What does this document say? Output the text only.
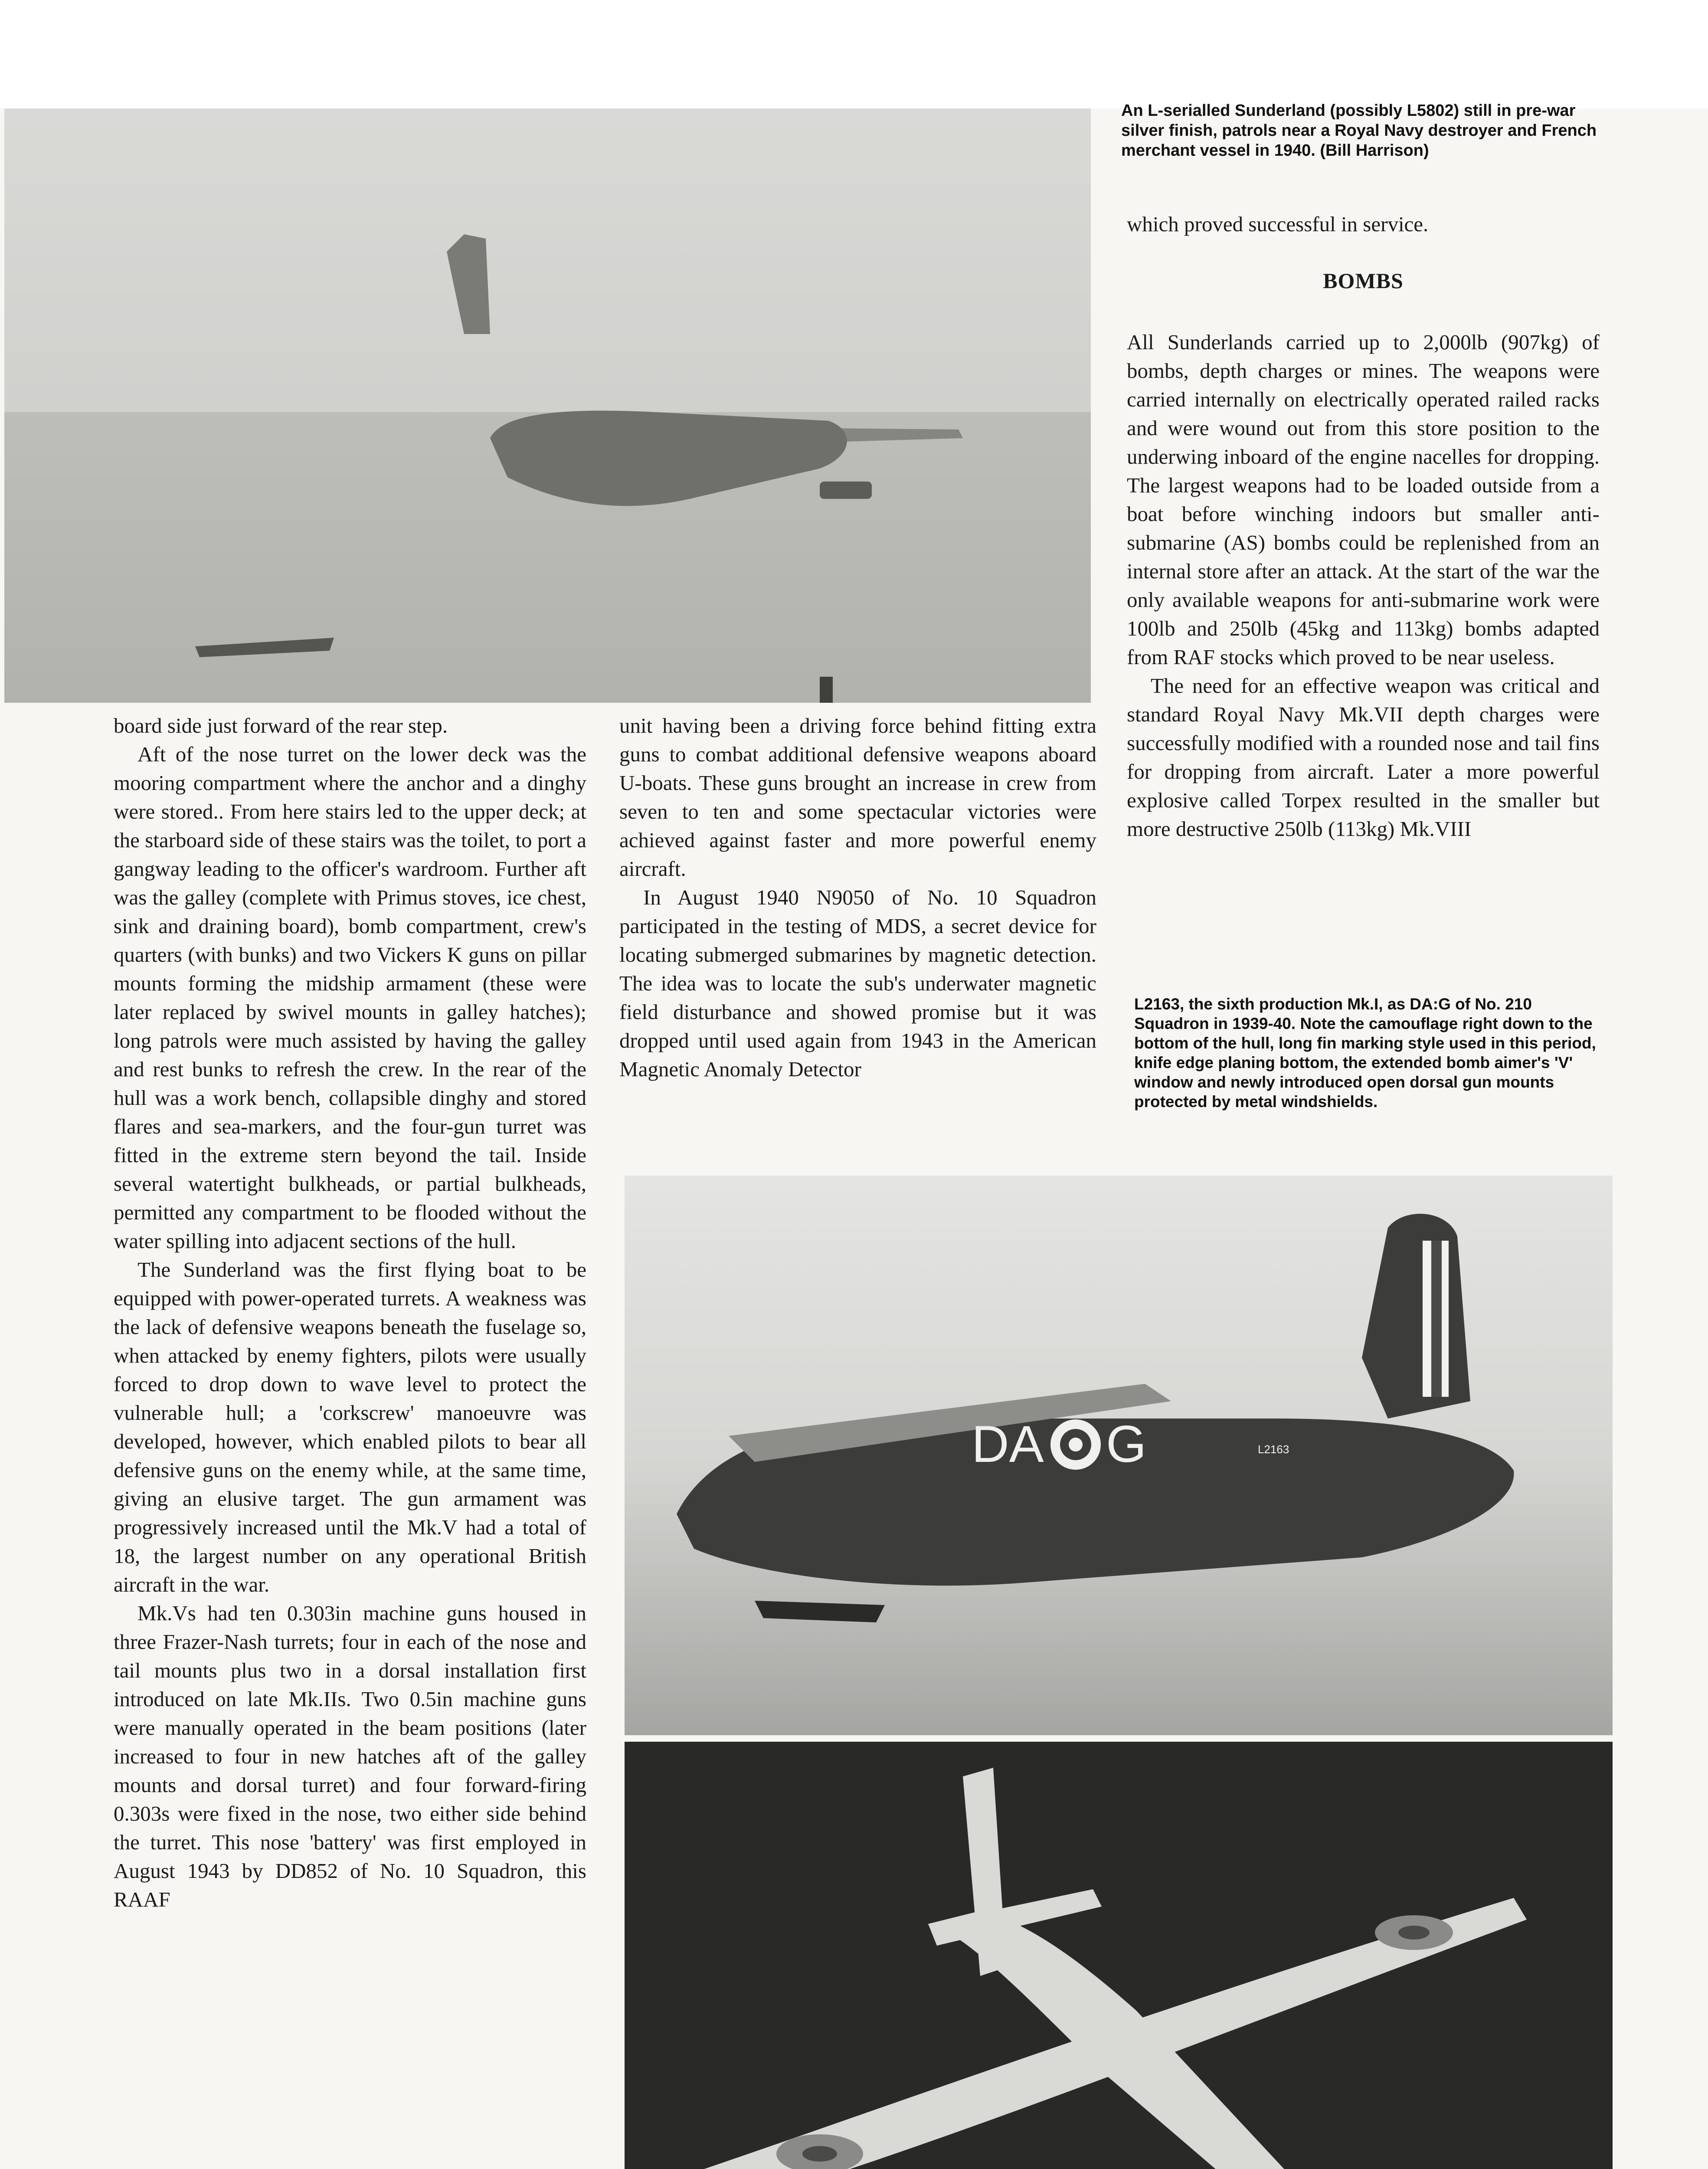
An L-serialled Sunderland (possibly L5802) still in pre-war silver finish, patrols near a Royal Navy destroyer and French merchant vessel in 1940. (Bill Harrison)

which proved successful in service.

BOMBS

All Sunderlands carried up to 2,000lb (907kg) of bombs, depth charges or mines. The weapons were carried internally on electrically operated railed racks and were wound out from this store position to the underwing inboard of the engine nacelles for dropping. The largest weapons had to be loaded outside from a boat before winching indoors but smaller anti-submarine (AS) bombs could be replenished from an internal store after an attack. At the start of the war the only available weapons for anti-submarine work were 100lb and 250lb (45kg and 113kg) bombs adapted from RAF stocks which proved to be near useless.

The need for an effective weapon was critical and standard Royal Navy Mk.VII depth charges were successfully modified with a rounded nose and tail fins for dropping from aircraft. Later a more powerful explosive called Torpex resulted in the smaller but more destructive 250lb (113kg) Mk.VIII

L2163, the sixth production Mk.I, as DA:G of No. 210 Squadron in 1939-40. Note the camouflage right down to the bottom of the hull, long fin marking style used in this period, knife edge planing bottom, the extended bomb aimer's 'V' window and newly introduced open dorsal gun mounts protected by metal windshields.

board side just forward of the rear step.

Aft of the nose turret on the lower deck was the mooring compartment where the anchor and a dinghy were stored.. From here stairs led to the upper deck; at the starboard side of these stairs was the toilet, to port a gangway leading to the officer's wardroom. Further aft was the galley (complete with Primus stoves, ice chest, sink and draining board), bomb compartment, crew's quarters (with bunks) and two Vickers K guns on pillar mounts forming the midship armament (these were later replaced by swivel mounts in galley hatches); long patrols were much assisted by having the galley and rest bunks to refresh the crew. In the rear of the hull was a work bench, collapsible dinghy and stored flares and sea-markers, and the four-gun turret was fitted in the extreme stern beyond the tail. Inside several watertight bulkheads, or partial bulkheads, permitted any compartment to be flooded without the water spilling into adjacent sections of the hull.

The Sunderland was the first flying boat to be equipped with power-operated turrets. A weakness was the lack of defensive weapons beneath the fuselage so, when attacked by enemy fighters, pilots were usually forced to drop down to wave level to protect the vulnerable hull; a 'corkscrew' manoeuvre was developed, however, which enabled pilots to bear all defensive guns on the enemy while, at the same time, giving an elusive target. The gun armament was progressively increased until the Mk.V had a total of 18, the largest number on any operational British aircraft in the war.

Mk.Vs had ten 0.303in machine guns housed in three Frazer-Nash turrets; four in each of the nose and tail mounts plus two in a dorsal installation first introduced on late Mk.IIs. Two 0.5in machine guns were manually operated in the beam positions (later increased to four in new hatches aft of the galley mounts and dorsal turret) and four forward-firing 0.303s were fixed in the nose, two either side behind the turret. This nose 'battery' was first employed in August 1943 by DD852 of No. 10 Squadron, this RAAF

unit having been a driving force behind fitting extra guns to combat additional defensive weapons aboard U-boats. These guns brought an increase in crew from seven to ten and some spectacular victories were achieved against faster and more powerful enemy aircraft.

In August 1940 N9050 of No. 10 Squadron participated in the testing of MDS, a secret device for locating submerged submarines by magnetic detection. The idea was to locate the sub's underwater magnetic field disturbance and showed promise but it was dropped until used again from 1943 in the American Magnetic Anomaly Detector

DA G	L2163
